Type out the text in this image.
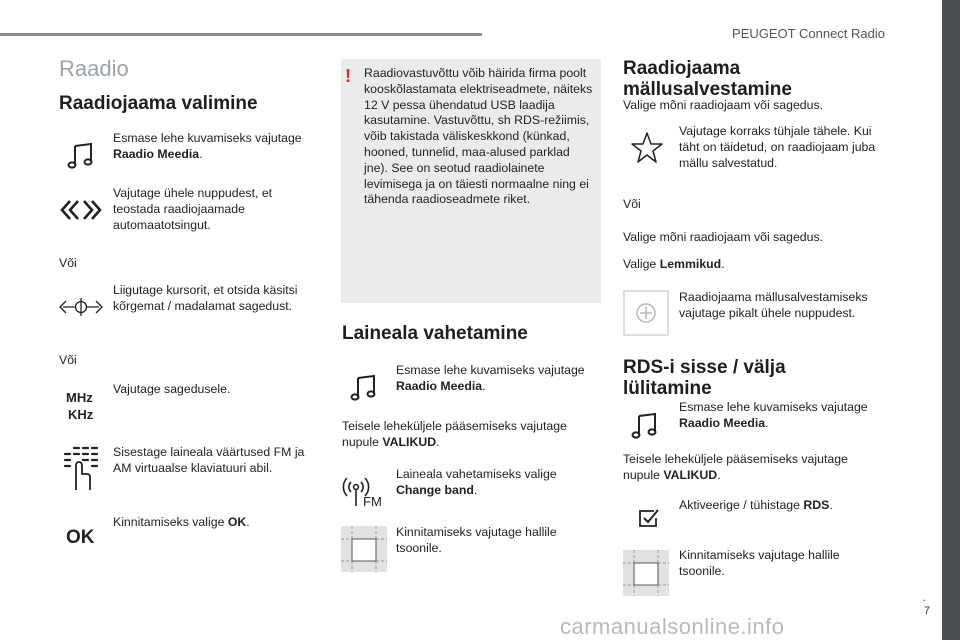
PEUGEOT Connect Radio
.
7
carmanualsonline.info
Raadio
Raadiojaama valimine
Esmase lehe kuvamiseks vajutage Raadio Meedia.
Vajutage ühele nuppudest, et teostada raadiojaamade automaatotsingut.
Või
Liigutage kursorit, et otsida käsitsi kõrgemat / madalamat sagedust.
Või
MHz
KHz
Vajutage sagedusele.
Sisestage laineala väärtused FM ja AM virtuaalse klaviatuuri abil.
OK
Kinnitamiseks valige OK.
! Raadiovastuvõttu võib häirida firma poolt kooskõlastamata elektriseadmete, näiteks 12 V pessa ühendatud USB laadija kasutamine. Vastuvõttu, sh RDS-režiimis, võib takistada väliskeskkond (künkad, hooned, tunnelid, maa-alused parklad jne). See on seotud raadiolainete levimisega ja on täiesti normaalne ning ei tähenda raadioseadmete riket.
Laineala vahetamine
Esmase lehe kuvamiseks vajutage Raadio Meedia.
Teisele leheküljele pääsemiseks vajutage nupule VALIKUD.
FM
Laineala vahetamiseks valige Change band.
Kinnitamiseks vajutage hallile tsoonile.
Raadiojaama mällusalvestamine
Valige mõni raadiojaam või sagedus.
Vajutage korraks tühjale tähele. Kui täht on täidetud, on raadiojaam juba mällu salvestatud.
Või
Valige mõni raadiojaam või sagedus.
Valige Lemmikud.
Raadiojaama mällusalvestamiseks vajutage pikalt ühele nuppudest.
RDS-i sisse / välja lülitamine
Esmase lehe kuvamiseks vajutage Raadio Meedia.
Teisele leheküljele pääsemiseks vajutage nupule VALIKUD.
Aktiveerige / tühistage RDS.
Kinnitamiseks vajutage hallile tsoonile.
